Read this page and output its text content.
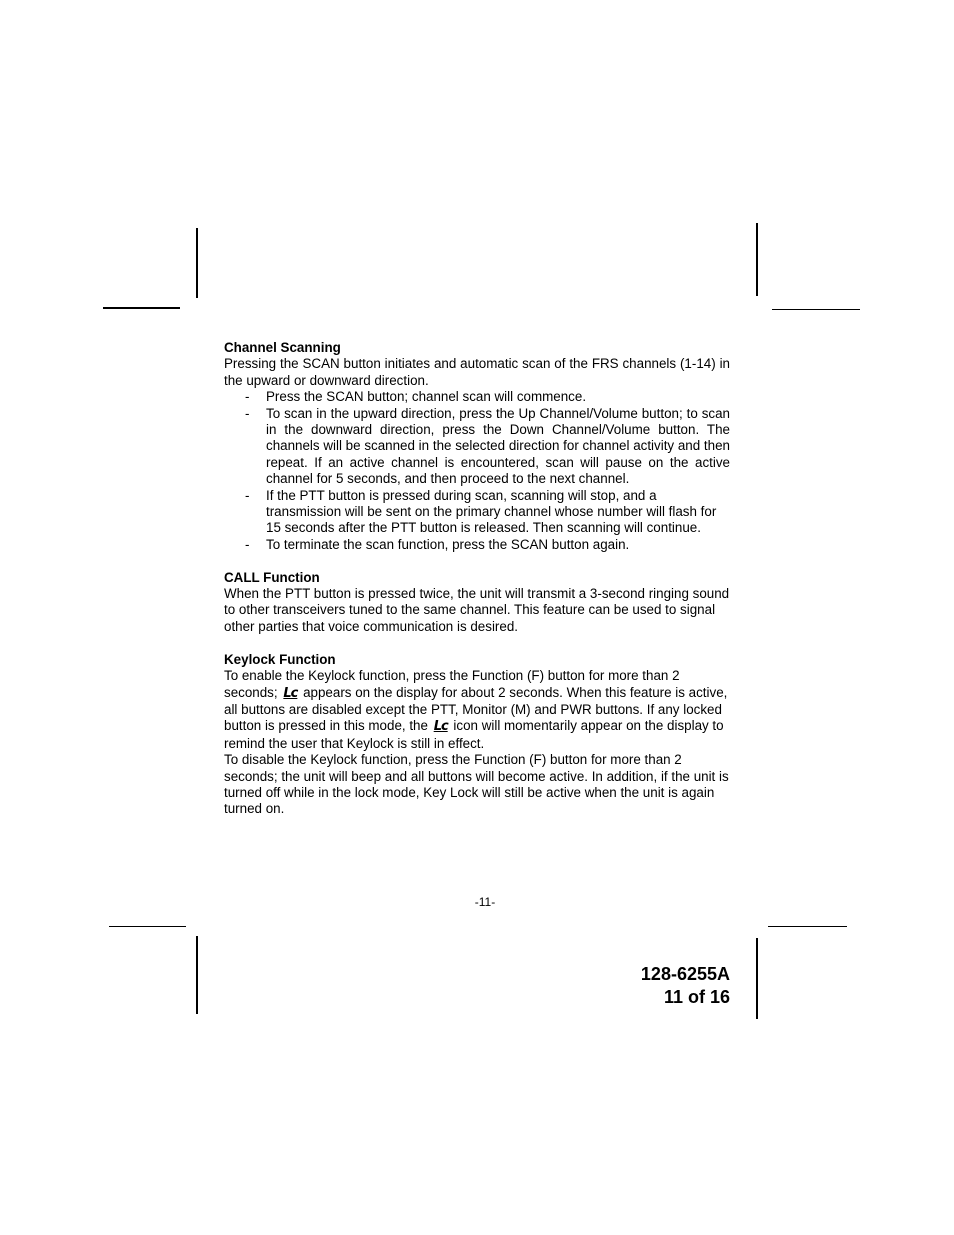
Channel Scanning

Pressing the SCAN button initiates and automatic scan of the FRS channels (1-14) in the upward or downward direction.

- Press the SCAN button; channel scan will commence.
- To scan in the upward direction, press the Up Channel/Volume button; to scan in the downward direction, press the Down Channel/Volume button. The channels will be scanned in the selected direction for channel activity and then repeat. If an active channel is encountered, scan will pause on the active channel for 5 seconds, and then proceed to the next channel.
- If the PTT button is pressed during scan, scanning will stop, and a transmission will be sent on the primary channel whose number will flash for 15 seconds after the PTT button is released. Then scanning will continue.
- To terminate the scan function, press the SCAN button again.

CALL Function

When the PTT button is pressed twice, the unit will transmit a 3-second ringing sound to other transceivers tuned to the same channel. This feature can be used to signal other parties that voice communication is desired.

Keylock Function

To enable the Keylock function, press the Function (F) button for more than 2 seconds; Lc appears on the display for about 2 seconds. When this feature is active, all buttons are disabled except the PTT, Monitor (M) and PWR buttons. If any locked button is pressed in this mode, the Lc icon will momentarily appear on the display to remind the user that Keylock is still in effect.

To disable the Keylock function, press the Function (F) button for more than 2 seconds; the unit will beep and all buttons will become active. In addition, if the unit is turned off while in the lock mode, Key Lock will still be active when the unit is again turned on.

-11-
128-6255A
11 of 16
